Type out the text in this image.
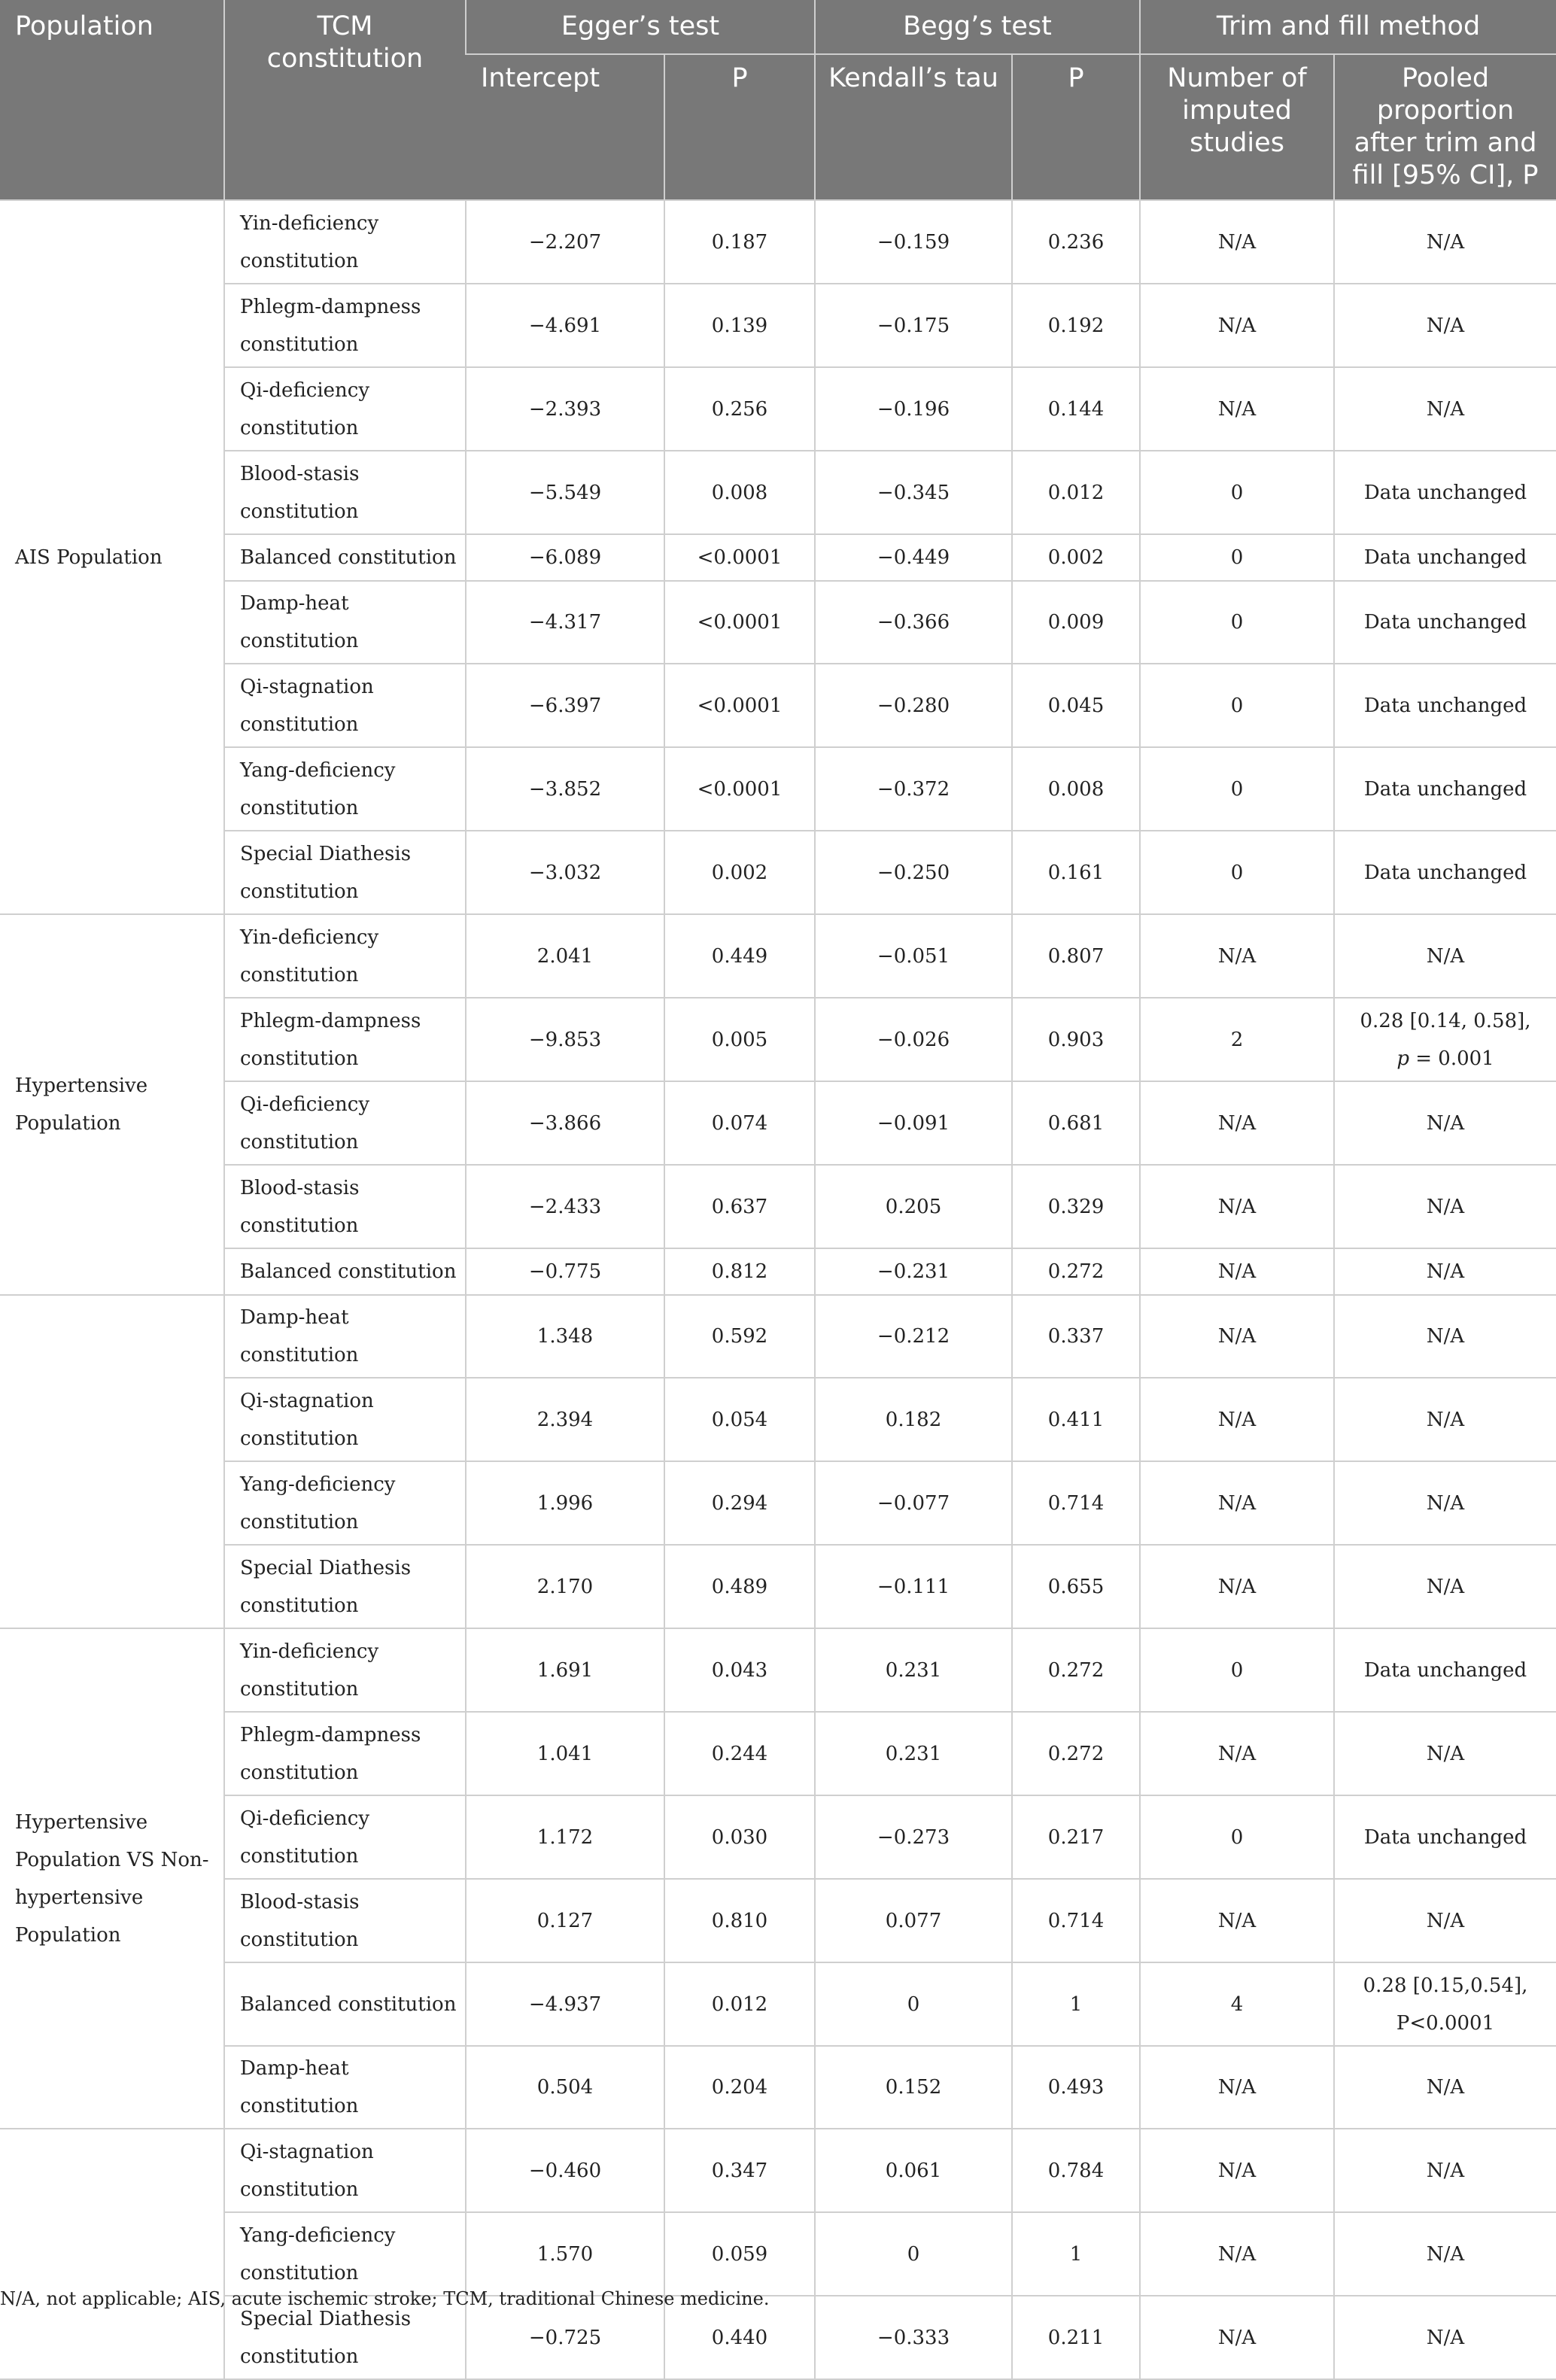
Population	TCM constitution	Egger’s test		Begg’s test		Trim and fill method	
		Intercept	P	Kendall’s tau	P	Number of imputed studies	Pooled proportion after trim and fill [95% CI], P
AIS Population	Yin-deficiency constitution	−2.207	0.187	−0.159	0.236	N/A	N/A
	Phlegm-dampness constitution	−4.691	0.139	−0.175	0.192	N/A	N/A
	Qi-deficiency constitution	−2.393	0.256	−0.196	0.144	N/A	N/A
	Blood-stasis constitution	−5.549	0.008	−0.345	0.012	0	Data unchanged
	Balanced constitution	−6.089	<0.0001	−0.449	0.002	0	Data unchanged
	Damp-heat constitution	−4.317	<0.0001	−0.366	0.009	0	Data unchanged
	Qi-stagnation constitution	−6.397	<0.0001	−0.280	0.045	0	Data unchanged
	Yang-deficiency constitution	−3.852	<0.0001	−0.372	0.008	0	Data unchanged
	Special Diathesis constitution	−3.032	0.002	−0.250	0.161	0	Data unchanged
Hypertensive Population	Yin-deficiency constitution	2.041	0.449	−0.051	0.807	N/A	N/A
	Phlegm-dampness constitution	−9.853	0.005	−0.026	0.903	2	0.28 [0.14, 0.58],
p = 0.001
	Qi-deficiency constitution	−3.866	0.074	−0.091	0.681	N/A	N/A
	Blood-stasis constitution	−2.433	0.637	0.205	0.329	N/A	N/A
	Balanced constitution	−0.775	0.812	−0.231	0.272	N/A	N/A
	Damp-heat constitution	1.348	0.592	−0.212	0.337	N/A	N/A
	Qi-stagnation constitution	2.394	0.054	0.182	0.411	N/A	N/A
	Yang-deficiency constitution	1.996	0.294	−0.077	0.714	N/A	N/A
	Special Diathesis constitution	2.170	0.489	−0.111	0.655	N/A	N/A
Hypertensive Population VS Non-hypertensive Population	Yin-deficiency constitution	1.691	0.043	0.231	0.272	0	Data unchanged
	Phlegm-dampness constitution	1.041	0.244	0.231	0.272	N/A	N/A
	Qi-deficiency constitution	1.172	0.030	−0.273	0.217	0	Data unchanged
	Blood-stasis constitution	0.127	0.810	0.077	0.714	N/A	N/A
	Balanced constitution	−4.937	0.012	0	1	4	0.28 [0.15,0.54], P<0.0001
	Damp-heat constitution	0.504	0.204	0.152	0.493	N/A	N/A
	Qi-stagnation constitution	−0.460	0.347	0.061	0.784	N/A	N/A
	Yang-deficiency constitution	1.570	0.059	0	1	N/A	N/A
	Special Diathesis constitution	−0.725	0.440	−0.333	0.211	N/A	N/A
N/A, not applicable; AIS, acute ischemic stroke; TCM, traditional Chinese medicine.
